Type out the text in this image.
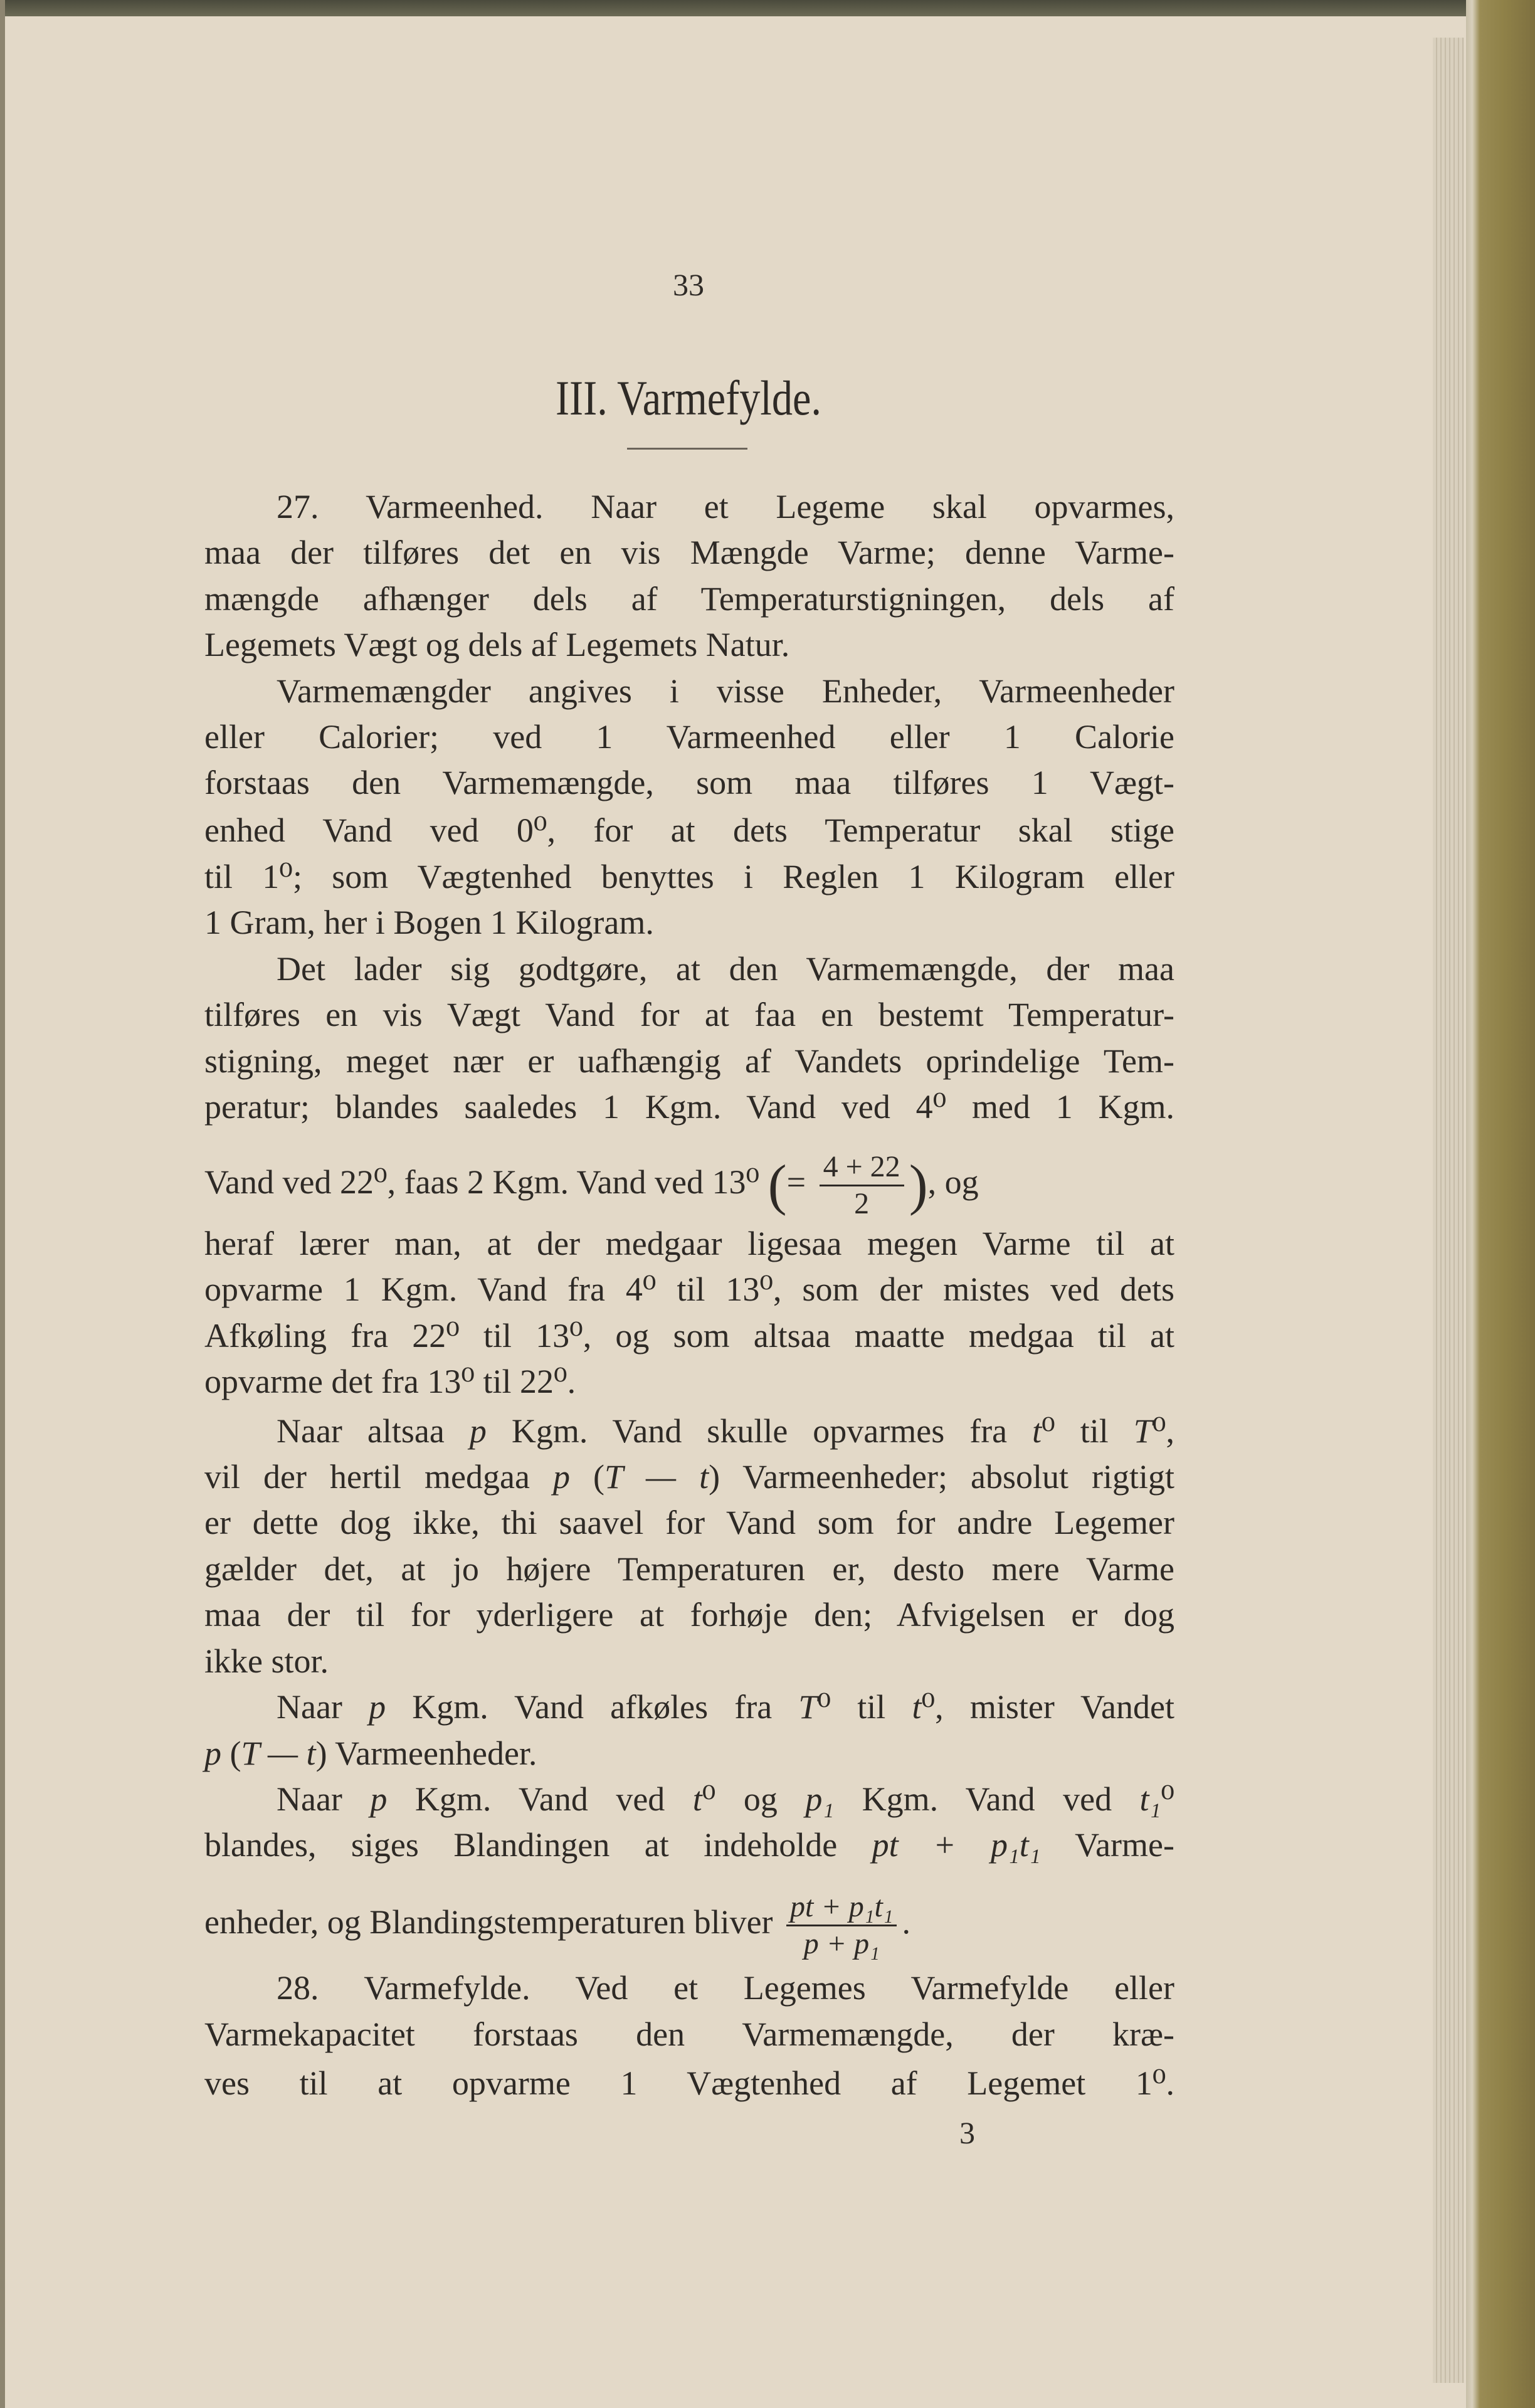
33
III. Varmefylde.
27. Varmeenhed. Naar et Legeme skal opvarmes,
maa der tilføres det en vis Mængde Varme; denne Varme-
mængde afhænger dels af Temperaturstigningen, dels af
Legemets Vægt og dels af Legemets Natur.
Varmemængder angives i visse Enheder, Varmeenheder
eller Calorier; ved 1 Varmeenhed eller 1 Calorie
forstaas den Varmemængde, som maa tilføres 1 Vægt-
enhed Vand ved 0⁰, for at dets Temperatur skal stige
til 1⁰; som Vægtenhed benyttes i Reglen 1 Kilogram eller
1 Gram, her i Bogen 1 Kilogram.
Det lader sig godtgøre, at den Varmemængde, der maa
tilføres en vis Vægt Vand for at faa en bestemt Temperatur-
stigning, meget nær er uafhængig af Vandets oprindelige Tem-
peratur; blandes saaledes 1 Kgm. Vand ved 4⁰ med 1 Kgm.
heraf lærer man, at der medgaar ligesaa megen Varme til at
opvarme 1 Kgm. Vand fra 4⁰ til 13⁰, som der mistes ved dets
Afkøling fra 22⁰ til 13⁰, og som altsaa maatte medgaa til at
opvarme det fra 13⁰ til 22⁰.
Naar altsaa p Kgm. Vand skulle opvarmes fra t⁰ til T⁰,
vil der hertil medgaa p (T — t) Varmeenheder; absolut rigtigt
er dette dog ikke, thi saavel for Vand som for andre Legemer
gælder det, at jo højere Temperaturen er, desto mere Varme
maa der til for yderligere at forhøje den; Afvigelsen er dog
ikke stor.
Naar p Kgm. Vand afkøles fra T⁰ til t⁰, mister Vandet
p (T — t) Varmeenheder.
Naar p Kgm. Vand ved t⁰ og p₁ Kgm. Vand ved t₁⁰
blandes, siges Blandingen at indeholde pt + p₁t₁ Varme-
28. Varmefylde. Ved et Legemes Varmefylde eller
Varmekapacitet forstaas den Varmemængde, der kræ-
ves til at opvarme 1 Vægtenhed af Legemet 1⁰.
Vand ved 22⁰, faas 2 Kgm. Vand ved 13⁰ (= $\frac{4 + 22}{2}$ ), og
enheder, og Blandingstemperaturen bliver $\frac{\text{pt + p₁t₁}}{\text{p + p₁}}$ .
3
